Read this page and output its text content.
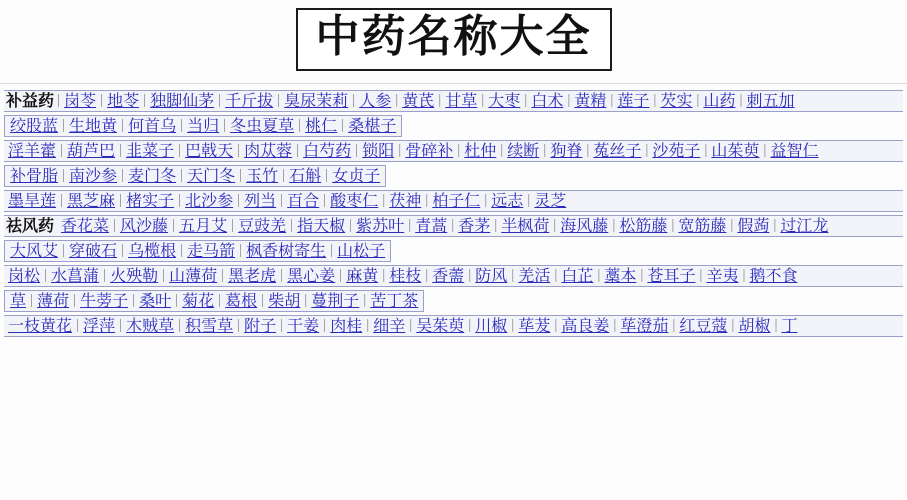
中药名称大全
补益药 | 岗苓 | 地苓 | 独脚仙茅 | 千斤拔 | 臭尿茉莉 | 人参 | 黄芪 | 甘草 | 大枣 | 白术 | 黄精 | 莲子 | 芡实 | 山药 | 刺五加
绞股蓝 | 生地黄 | 何首乌 | 当归 | 冬虫夏草 | 桃仁 | 桑椹子
淫羊藿 | 葫芦巴 | 韭菜子 | 巴戟天 | 肉苁蓉 | 白芍药 | 锁阳 | 骨碎补 | 杜仲 | 续断 | 狗脊 | 菟丝子 | 沙苑子 | 山茱萸 | 益智仁
补骨脂 | 南沙参 | 麦门冬 | 天门冬 | 玉竹 | 石斛 | 女贞子
墨旱莲 | 黑芝麻 | 楮实子 | 北沙参 | 列当 | 百合 | 酸枣仁 | 茯神 | 柏子仁 | 远志 | 灵芝
祛风药 香花菜 | 风沙藤 | 五月艾 | 豆豉羌 | 指天椒 | 紫苏叶 | 青蒿 | 香茅 | 半枫荷 | 海风藤 | 松筋藤 | 宽筋藤 | 假蒟 | 过江龙
大风艾 | 穿破石 | 乌榄根 | 走马箭 | 枫香树寄生 | 山松子
岗松 | 水菖蒲 | 火殃勒 | 山薄荷 | 黑老虎 | 黑心姜 | 麻黄 | 桂枝 | 香薷 | 防风 | 羌活 | 白芷 | 藁本 | 苍耳子 | 辛夷 | 鹅不食
草 | 薄荷 | 牛蒡子 | 桑叶 | 菊花 | 葛根 | 柴胡 | 蔓荆子 | 苦丁茶
一枝黄花 | 浮萍 | 木贼草 | 积雪草 | 附子 | 干姜 | 肉桂 | 细辛 | 吴茱萸 | 川椒 | 荜茇 | 高良姜 | 荜澄茄 | 红豆蔻 | 胡椒 | 丁
